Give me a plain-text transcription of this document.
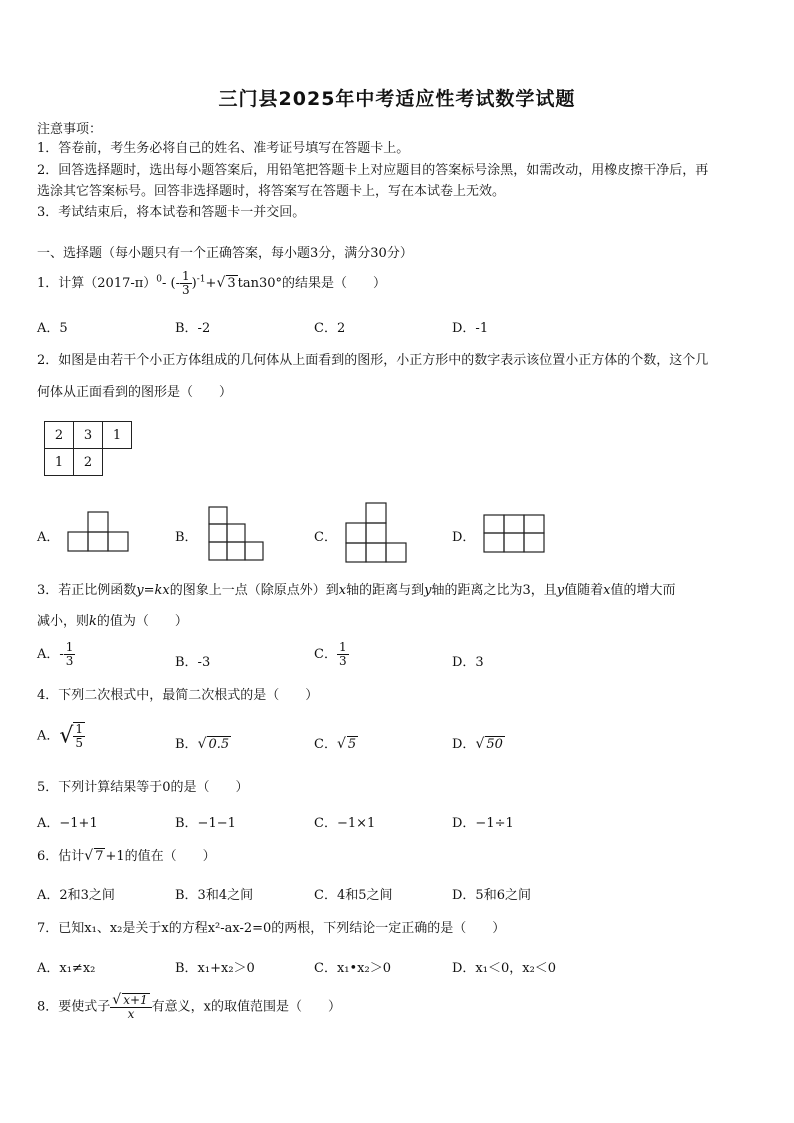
三门县2025年中考适应性考试数学试题
注意事项：
1．答卷前，考生务必将自己的姓名、准考证号填写在答题卡上。
2．回答选择题时，选出每小题答案后，用铅笔把答题卡上对应题目的答案标号涂黑，如需改动，用橡皮擦干净后，再
选涂其它答案标号。回答非选择题时，将答案写在答题卡上，写在本试卷上无效。
3．考试结束后，将本试卷和答题卡一并交回。
一、选择题（每小题只有一个正确答案，每小题3分，满分30分）
1．计算$(2017-\pi)^0-$ (- $\frac{1}{3} )^{-1}+√$ 3 tan30°的结果是（　　）
A．5	B．-2	C．2	D．-1
2．如图是由若干个小正方体组成的几何体从上面看到的图形，小正方形中的数字表示该位置小正方体的个数，这个几
何体从正面看到的图形是（　　）
2	3	1
1	2	
A．	B．	C．	D．
3．若正比例函数y=kx的图象上一点（除原点外）到x轴的距离与到y轴的距离之比为3，且y值随着x值的增大而
减小，则k的值为（　　）
A．- $\frac{1}{3}$	B．-3
C． $\frac{1}{3}$	D．3
4．下列二次根式中，最简二次根式的是（　　）
A．√ $\frac{1}{5}$	B．√ 0.5	C．√ 5	D．√ 50
5．下列计算结果等于0的是（　　）
A．−1+1	B．−1−1	C．−1×1	D．−1÷1
6．估计√ 7 +1的值在（　　）
A．2和3之间	B．3和4之间	C．4和5之间	D．5和6之间
7．已知x₁、x₂是关于x的方程x²-ax-2=0的两根，下列结论一定正确的是（　　）
A．x₁≠x₂	B．x₁+x₂＞0	C．x₁•x₂＞0	D．x₁＜0，x₂＜0
8．要使式子 $\frac{√ x+1}{x}$ 有意义，x的取值范围是（　　）
